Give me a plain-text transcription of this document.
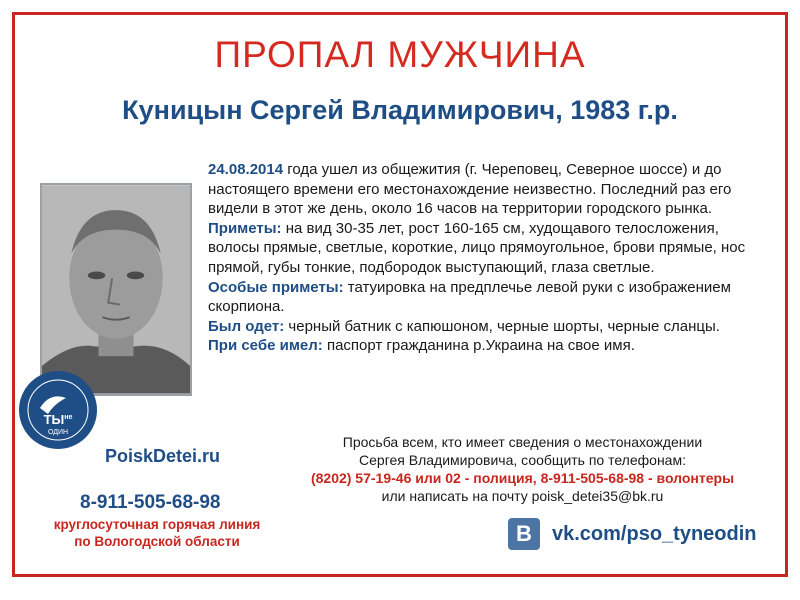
ПРОПАЛ МУЖЧИНА
Куницын Сергей Владимирович, 1983 г.р.
$ТЫ^{не}$
ОДИН

24.08.2014 года ушел из общежития (г. Череповец, Северное шоссе) и до настоящего времени его местонахождение неизвестно. Последний раз его видели в этот же день, около 16 часов на территории городского рынка.

Приметы: на вид 30-35 лет, рост 160-165 см, худощавого телосложения, волосы прямые, светлые, короткие, лицо прямоугольное, брови прямые, нос прямой, губы тонкие, подбородок выступающий, глаза светлые.

Особые приметы: татуировка на предплечье левой руки с изображением скорпиона.

Был одет: черный батник с капюшоном, черные шорты, черные сланцы.

При себе имел: паспорт гражданина р.Украина на свое имя.

PoiskDetei.ru
8-911-505-68-98
круглосуточная горячая линия
по Вологодской области
Просьба всем, кто имеет сведения о местонахождении
Сергея Владимировича, сообщить по телефонам:
(8202) 57-19-46 или 02 - полиция, 8-911-505-68-98 - волонтеры
или написать на почту poisk_detei35@bk.ru
В	vk.com/pso_tyneodin
